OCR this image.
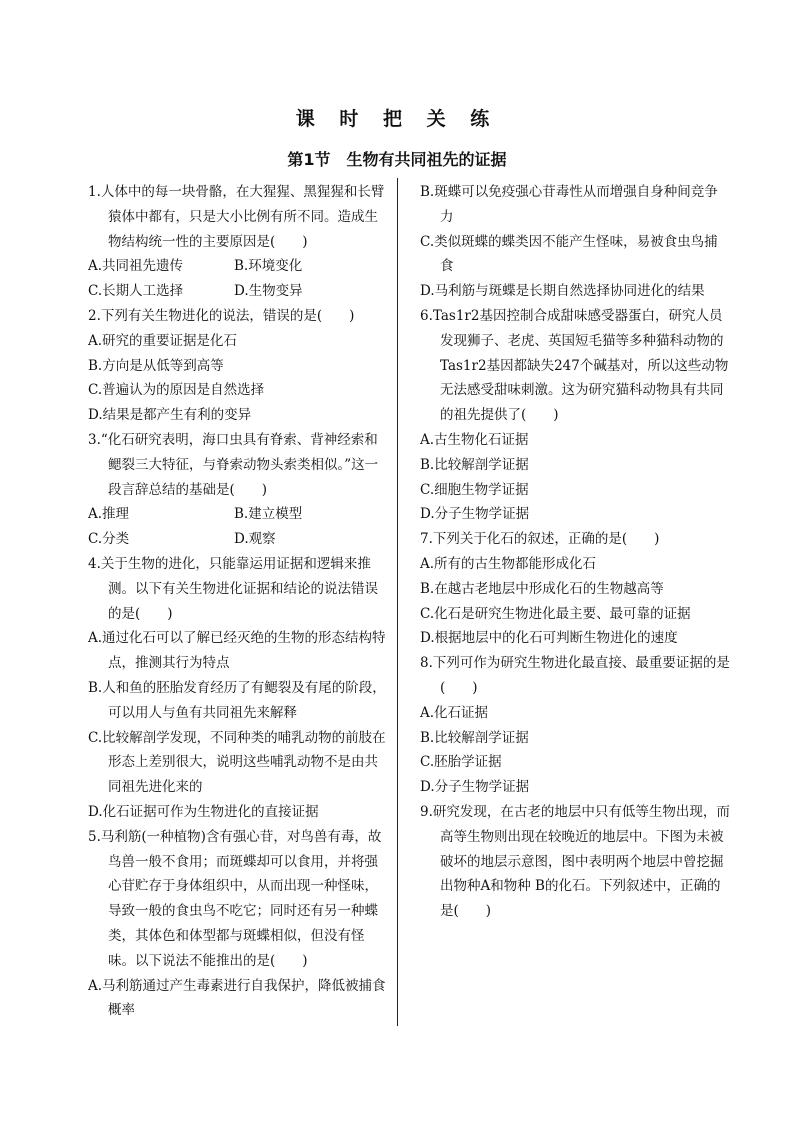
课 时 把 关 练
第1节　生物有共同祖先的证据
1.人体中的每一块骨骼，在大猩猩、黑猩猩和长臂猿体中都有，只是大小比例有所不同。造成生物结构统一性的主要原因是(　　)
A.共同祖先遗传	B.环境变化
C.长期人工选择	D.生物变异
2.下列有关生物进化的说法，错误的是(　　)
A.研究的重要证据是化石
B.方向是从低等到高等
C.普遍认为的原因是自然选择
D.结果是都产生有利的变异
3.“化石研究表明，海口虫具有脊索、背神经索和鳃裂三大特征，与脊索动物头索类相似。”这一段言辞总结的基础是(　　)
A.推理	B.建立模型
C.分类	D.观察
4.关于生物的进化，只能靠运用证据和逻辑来推测。以下有关生物进化证据和结论的说法错误的是(　　)
A.通过化石可以了解已经灭绝的生物的形态结构特点，推测其行为特点
B.人和鱼的胚胎发育经历了有鳃裂及有尾的阶段，可以用人与鱼有共同祖先来解释
C.比较解剖学发现，不同种类的哺乳动物的前肢在形态上差别很大，说明这些哺乳动物不是由共同祖先进化来的
D.化石证据可作为生物进化的直接证据
5.马利筋(一种植物)含有强心苷，对鸟兽有毒，故鸟兽一般不食用；而斑蝶却可以食用，并将强心苷贮存于身体组织中，从而出现一种怪味，导致一般的食虫鸟不吃它；同时还有另一种蝶类，其体色和体型都与斑蝶相似，但没有怪味。以下说法不能推出的是(　　)
A.马利筋通过产生毒素进行自我保护，降低被捕食概率
B.斑蝶可以免疫强心苷毒性从而增强自身种间竞争力
C.类似斑蝶的蝶类因不能产生怪味，易被食虫鸟捕食
D.马利筋与斑蝶是长期自然选择协同进化的结果
6.Tas1r2基因控制合成甜味感受器蛋白，研究人员发现狮子、老虎、英国短毛猫等多种猫科动物的Tas1r2基因都缺失247个碱基对，所以这些动物无法感受甜味刺激。这为研究猫科动物具有共同的祖先提供了(　　)
A.古生物化石证据
B.比较解剖学证据
C.细胞生物学证据
D.分子生物学证据
7.下列关于化石的叙述，正确的是(　　)
A.所有的古生物都能形成化石
B.在越古老地层中形成化石的生物越高等
C.化石是研究生物进化最主要、最可靠的证据
D.根据地层中的化石可判断生物进化的速度
8.下列可作为研究生物进化最直接、最重要证据的是(　　)
A.化石证据
B.比较解剖学证据
C.胚胎学证据
D.分子生物学证据
9.研究发现，在古老的地层中只有低等生物出现，而高等生物则出现在较晚近的地层中。下图为未被破坏的地层示意图，图中表明两个地层中曾挖掘出物种A和物种 B的化石。下列叙述中，正确的是(　　)
